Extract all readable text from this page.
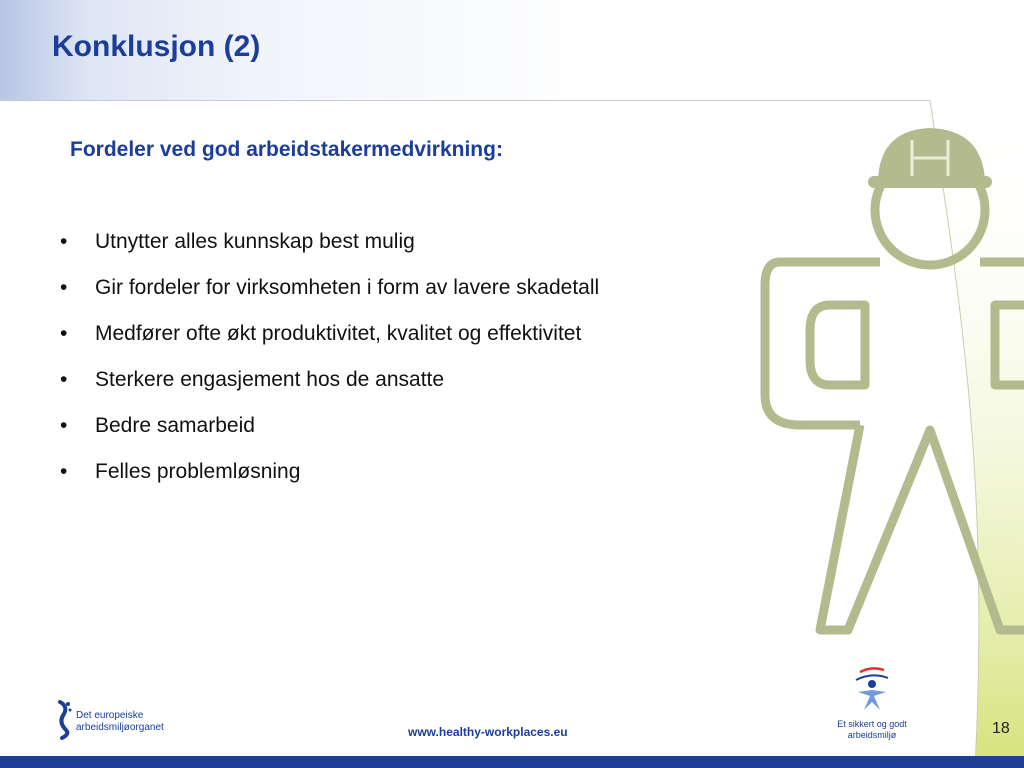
Konklusjon (2)
Fordeler ved god arbeidstakermedvirkning:
• Utnytter alles kunnskap best mulig
• Gir fordeler for virksomheten i form av lavere skadetall
• Medfører ofte økt produktivitet, kvalitet og effektivitet
• Sterkere engasjement hos de ansatte
• Bedre samarbeid
• Felles problemløsning
Det europeiske
arbeidsmiljøorganet	www.healthy-workplaces.eu
Et sikkert og godt
arbeidsmiljø	18
